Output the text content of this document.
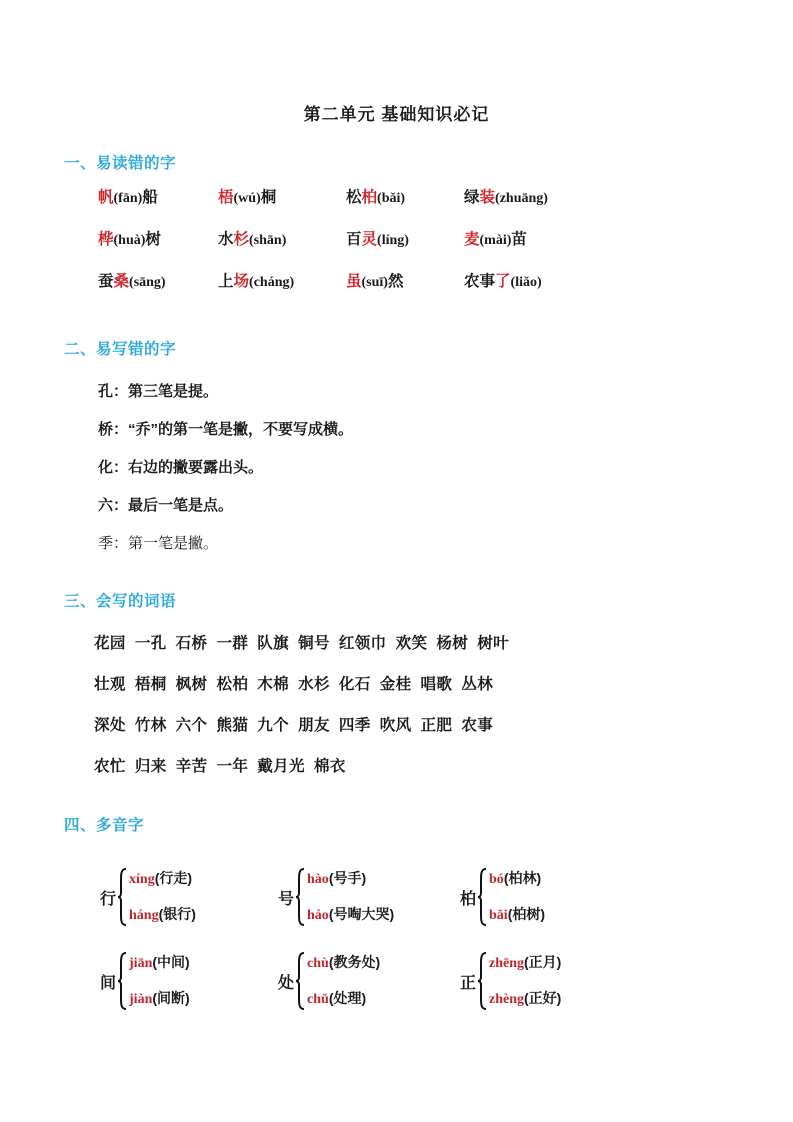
第二单元 基础知识必记
一、易读错的字
帆(fān)船	梧(wú)桐	松柏(bǎi)	绿装(zhuāng)
桦(huà)树	水杉(shān)	百灵(líng)	麦(mài)苗
蚕桑(sāng)	上场(cháng)	虽(suī)然	农事了(liǎo)
二、易写错的字
孔：第三笔是提。
桥：“乔”的第一笔是撇，不要写成横。
化：右边的撇要露出头。
六：最后一笔是点。
季：第一笔是撇。
三、会写的词语
花园 一孔 石桥 一群 队旗 铜号 红领巾 欢笑 杨树 树叶
壮观 梧桐 枫树 松柏 木棉 水杉 化石 金桂 唱歌 丛林
深处 竹林 六个 熊猫 九个 朋友 四季 吹风 正肥 农事
农忙 归来 辛苦 一年 戴月光 棉衣
四、多音字
行
xíng(行走)
háng(银行)
号
hào(号手)
háo(号啕大哭)
柏
bó(柏林)
bǎi(柏树)
间
jiān(中间)
jiàn(间断)
处
chù(教务处)
chǔ(处理)
正
zhēng(正月)
zhèng(正好)
